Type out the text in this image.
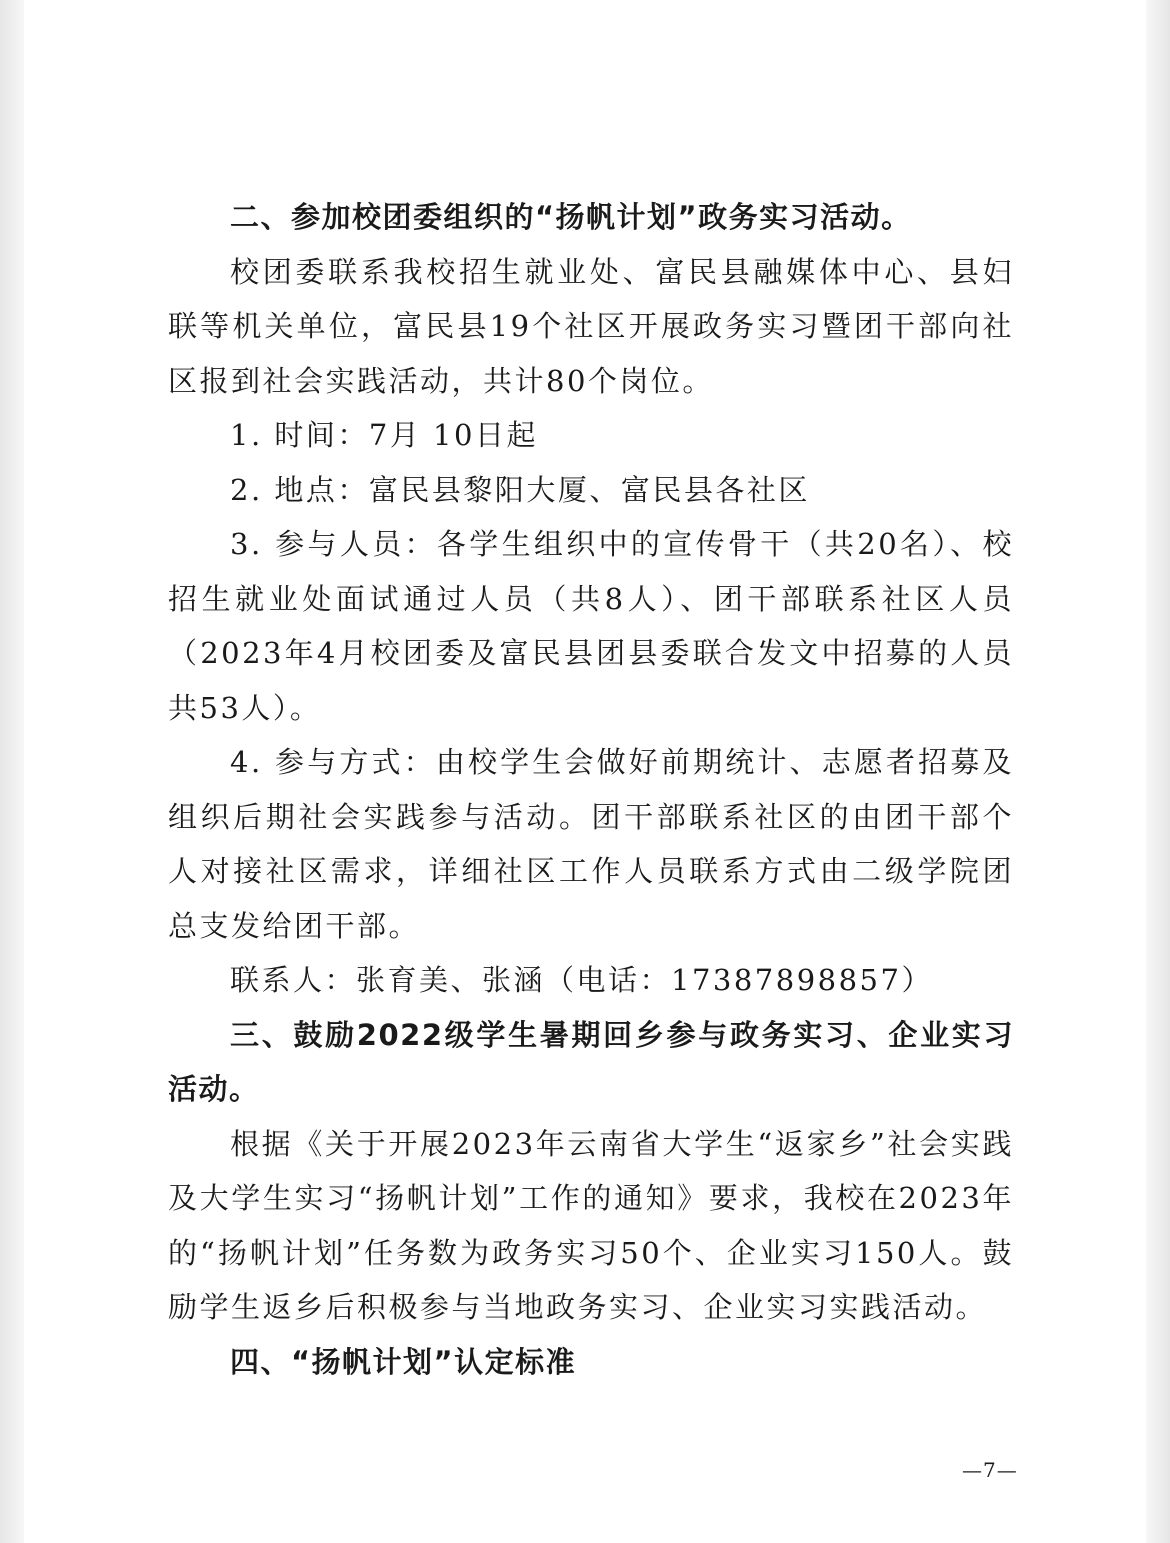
二、参加校团委组织的“扬帆计划”政务实习活动。

校团委联系我校招生就业处、富民县融媒体中心、县妇联等机关单位，富民县19个社区开展政务实习暨团干部向社区报到社会实践活动，共计80个岗位。

1. 时间：7月 10日起

2. 地点：富民县黎阳大厦、富民县各社区

3. 参与人员：各学生组织中的宣传骨干（共20名）、校招生就业处面试通过人员（共8人）、团干部联系社区人员（2023年4月校团委及富民县团县委联合发文中招募的人员共53人）。

4. 参与方式：由校学生会做好前期统计、志愿者招募及组织后期社会实践参与活动。团干部联系社区的由团干部个人对接社区需求，详细社区工作人员联系方式由二级学院团总支发给团干部。

联系人：张育美、张涵（电话：17387898857）

三、鼓励2022级学生暑期回乡参与政务实习、企业实习活动。

根据《关于开展2023年云南省大学生“返家乡”社会实践及大学生实习“扬帆计划”工作的通知》要求，我校在2023年的“扬帆计划”任务数为政务实习50个、企业实习150人。鼓励学生返乡后积极参与当地政务实习、企业实习实践活动。

四、“扬帆计划”认定标准

—7—
